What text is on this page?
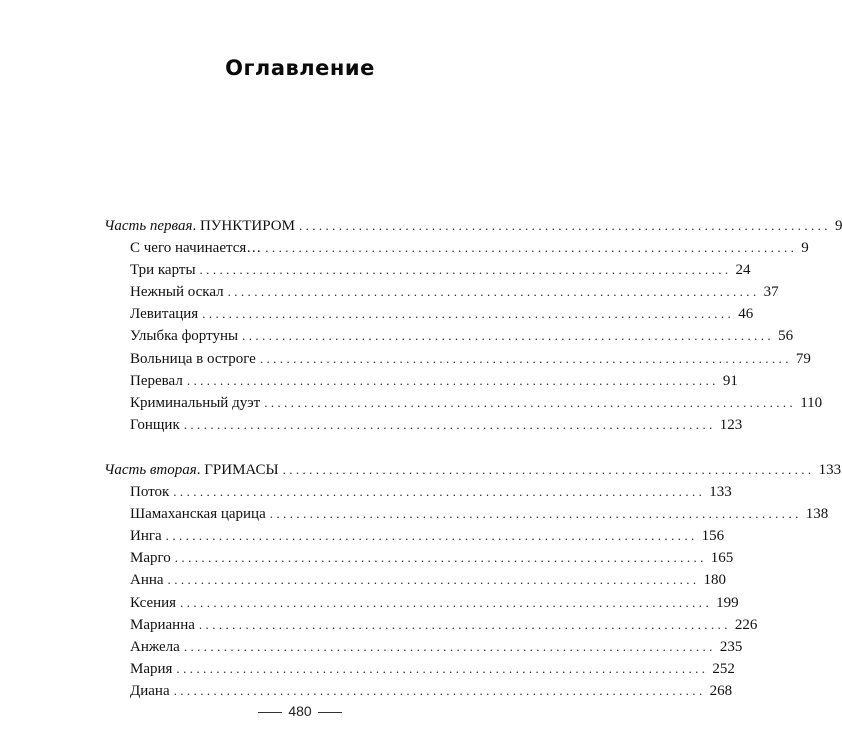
Оглавление
Часть первая. ПУНКТИРОМ ................................................................................ 9
С чего начинается… ................................................................................ 9
Три карты ................................................................................ 24
Нежный оскал ................................................................................ 37
Левитация ................................................................................ 46
Улыбка фортуны ................................................................................ 56
Вольница в остроге ................................................................................ 79
Перевал ................................................................................ 91
Криминальный дуэт ................................................................................ 110
Гонщик ................................................................................ 123
Часть вторая. ГРИМАСЫ ................................................................................ 133
Поток ................................................................................ 133
Шамаханская царица ................................................................................ 138
Инга ................................................................................ 156
Марго ................................................................................ 165
Анна ................................................................................ 180
Ксения ................................................................................ 199
Марианна ................................................................................ 226
Анжела ................................................................................ 235
Мария ................................................................................ 252
Диана ................................................................................ 268
480
